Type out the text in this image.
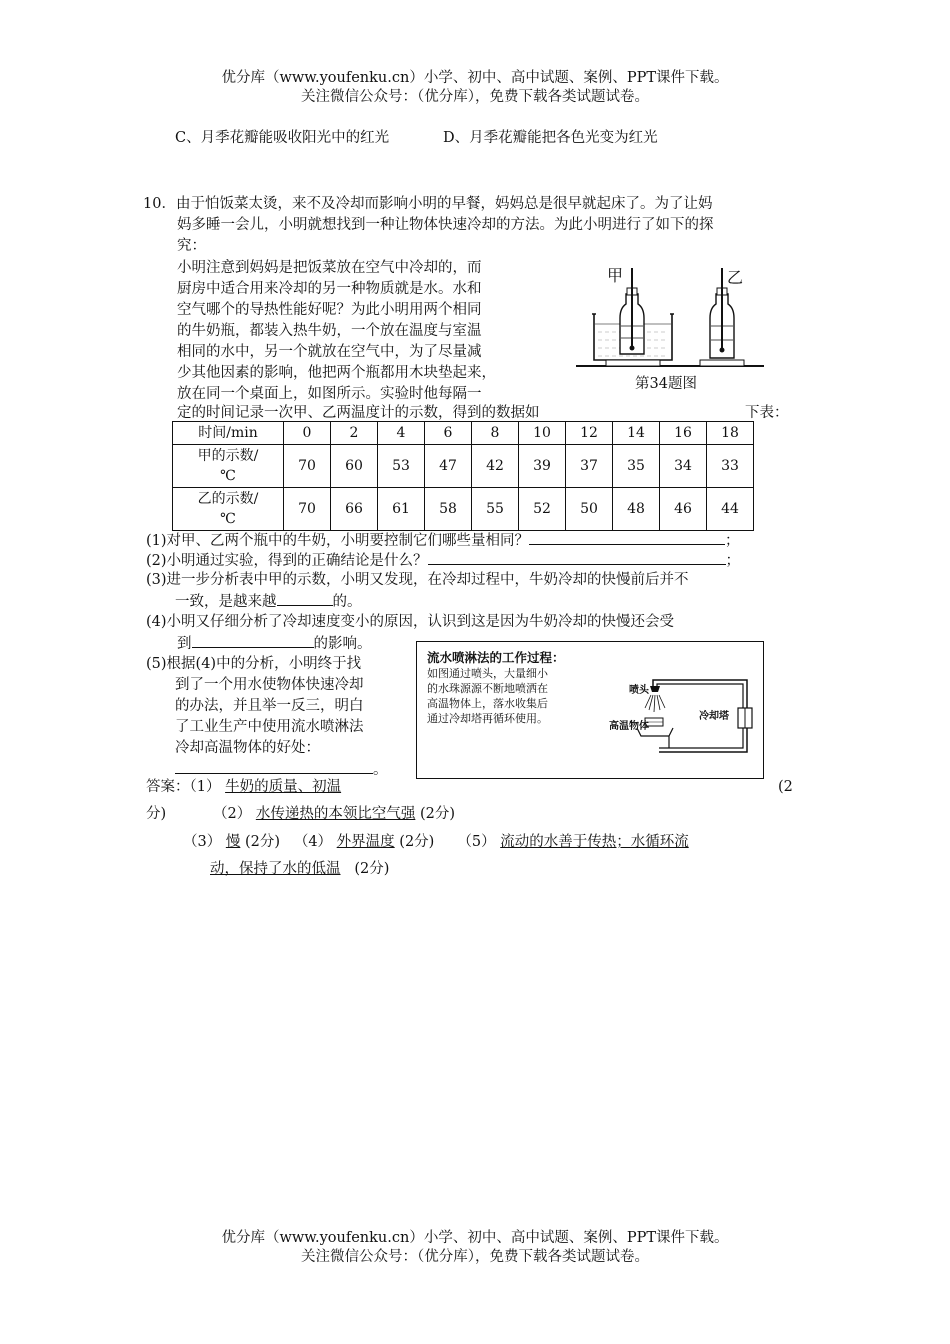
优分库（www.youfenku.cn）小学、初中、高中试题、案例、PPT课件下载。
关注微信公众号：（优分库），免费下载各类试题试卷。
C、月季花瓣能吸收阳光中的红光	D、月季花瓣能把各色光变为红光
10．由于怕饭菜太烫，来不及冷却而影响小明的早餐，妈妈总是很早就起床了。为了让妈
妈多睡一会儿，小明就想找到一种让物体快速冷却的方法。为此小明进行了如下的探
究：
小明注意到妈妈是把饭菜放在空气中冷却的，而
厨房中适合用来冷却的另一种物质就是水。水和
空气哪个的导热性能好呢？为此小明用两个相同
的牛奶瓶，都装入热牛奶，一个放在温度与室温
相同的水中，另一个就放在空气中，为了尽量减
少其他因素的影响，他把两个瓶都用木块垫起来，
放在同一个桌面上，如图所示。实验时他每隔一
定的时间记录一次甲、乙两温度计的示数，得到的数据如	下表：
甲	乙
第34题图
时间/min	0	2	4	6	8	10	12	14	16	18

甲的示数/
℃	70	60	53	47	42	39	37	35	34	33

乙的示数/
℃	70	66	61	58	55	52	50	48	46	44
(1)对甲、乙两个瓶中的牛奶，小明要控制它们哪些量相同？	；
(2)小明通过实验，得到的正确结论是什么？	；
(3)进一步分析表中甲的示数，小明又发现，在冷却过程中，牛奶冷却的快慢前后并不
一致，是越来越	的。
(4)小明又仔细分析了冷却速度变小的原因，认识到这是因为牛奶冷却的快慢还会受
到	的影响。
(5)根据(4)中的分析，小明终于找
到了一个用水使物体快速冷却
的办法，并且举一反三，明白
了工业生产中使用流水喷淋法
冷却高温物体的好处：
。
流水喷淋法的工作过程：
如图通过喷头，大量细小
的水珠源源不断地喷洒在
高温物体上，落水收集后
通过冷却塔再循环使用。
喷头
高温物体
冷却塔
答案：（1） 牛奶的质量、初温	(2
分)	（2） 水传递热的本领比空气强 (2分)
（3） 慢 (2分) （4） 外界温度 (2分) （5） 流动的水善于传热；水循环流
动，保持了水的低温 (2分)
优分库（www.youfenku.cn）小学、初中、高中试题、案例、PPT课件下载。
关注微信公众号：（优分库），免费下载各类试题试卷。
